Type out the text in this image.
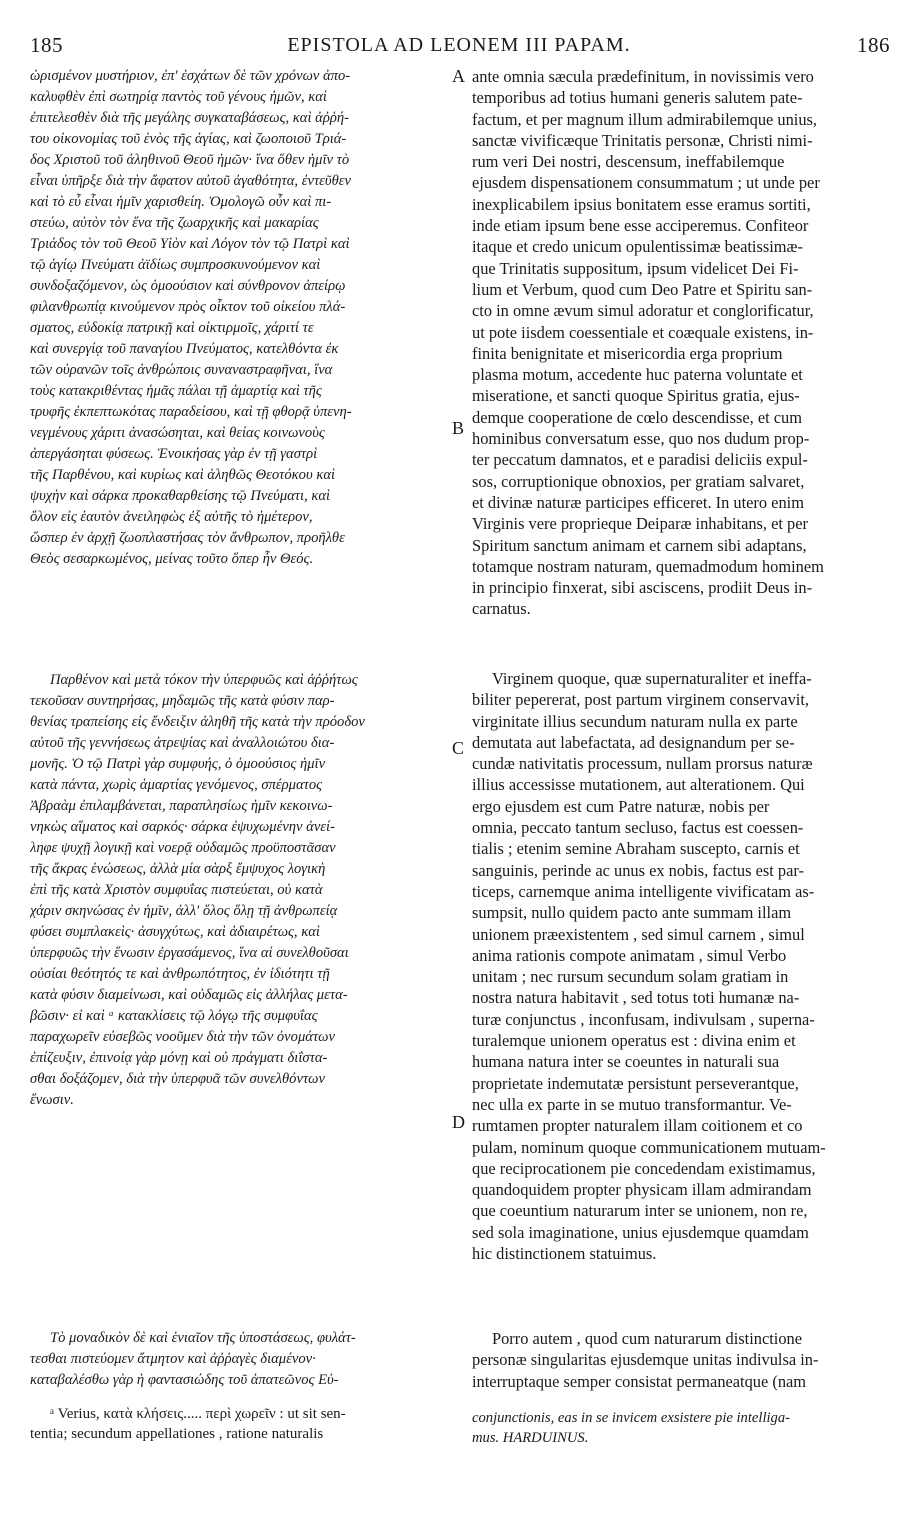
185	EPISTOLA AD LEONEM III PAPAM.	186
A
B
C
D
ὡρισμένον μυστήριον, ἐπ' ἐσχάτων δὲ τῶν χρόνων ἀπο-
καλυφθὲν ἐπὶ σωτηρίᾳ παντὸς τοῦ γένους ἡμῶν, καὶ
ἐπιτελεσθὲν διὰ τῆς μεγάλης συγκαταβάσεως, καὶ ἀῤῥή-
του οἰκονομίας τοῦ ἑνὸς τῆς ἁγίας, καὶ ζωοποιοῦ Τριά-
δος Χριστοῦ τοῦ ἀληθινοῦ Θεοῦ ἡμῶν· ἵνα ὅθεν ἡμῖν τὸ
εἶναι ὑπῆρξε διὰ τὴν ἄφατον αὐτοῦ ἀγαθότητα, ἐντεῦθεν
καὶ τὸ εὖ εἶναι ἡμῖν χαρισθείη. Ὁμολογῶ οὖν καὶ πι-
στεύω, αὐτὸν τὸν ἕνα τῆς ζωαρχικῆς καὶ μακαρίας
Τριάδος τὸν τοῦ Θεοῦ Υἱὸν καὶ Λόγον τὸν τῷ Πατρὶ καὶ
τῷ ἁγίῳ Πνεύματι ἀϊδίως συμπροσκυνούμενον καὶ
συνδοξαζόμενον, ὡς ὁμοούσιον καὶ σύνθρονον ἀπείρῳ
φιλανθρωπίᾳ κινούμενον πρὸς οἶκτον τοῦ οἰκείου πλά-
σματος, εὐδοκίᾳ πατρικῇ καὶ οἰκτιρμοῖς, χάριτί τε
καὶ συνεργίᾳ τοῦ παναγίου Πνεύματος, κατελθόντα ἐκ
τῶν οὐρανῶν τοῖς ἀνθρώποις συναναστραφῆναι, ἵνα
τοὺς κατακριθέντας ἡμᾶς πάλαι τῇ ἁμαρτίᾳ καὶ τῆς
τρυφῆς ἐκπεπτωκότας παραδείσου, καὶ τῇ φθορᾷ ὑπενη-
νεγμένους χάριτι ἀνασώσηται, καὶ θείας κοινωνοὺς
ἀπεργάσηται φύσεως. Ἐνοικήσας γὰρ ἐν τῇ γαστρὶ
τῆς Παρθένου, καὶ κυρίως καὶ ἀληθῶς Θεοτόκου καὶ
ψυχὴν καὶ σάρκα προκαθαρθείσης τῷ Πνεύματι, καὶ
ὅλον εἰς ἑαυτὸν ἀνειληφὼς ἐξ αὐτῆς τὸ ἡμέτερον,
ὥσπερ ἐν ἀρχῇ ζωοπλαστήσας τὸν ἄνθρωπον, προῆλθε
Θεὸς σεσαρκωμένος, μείνας τοῦτο ὅπερ ἦν Θεός.
Παρθένον καὶ μετὰ τόκον τὴν ὑπερφυῶς καὶ ἀῤῥήτως
τεκοῦσαν συντηρήσας, μηδαμῶς τῆς κατὰ φύσιν παρ-
θενίας τραπείσης εἰς ἔνδειξιν ἀληθῆ τῆς κατὰ τὴν πρόοδον
αὐτοῦ τῆς γεννήσεως ἀτρεψίας καὶ ἀναλλοιώτου δια-
μονῆς. Ὁ τῷ Πατρὶ γὰρ συμφυής, ὁ ὁμοούσιος ἡμῖν
κατὰ πάντα, χωρὶς ἁμαρτίας γενόμενος, σπέρματος
Ἀβραὰμ ἐπιλαμβάνεται, παραπλησίως ἡμῖν κεκοινω-
νηκὼς αἵματος καὶ σαρκός· σάρκα ἐψυχωμένην ἀνεί-
ληφε ψυχῇ λογικῇ καὶ νοερᾷ οὐδαμῶς προϋποστᾶσαν
τῆς ἄκρας ἑνώσεως, ἀλλὰ μία σὰρξ ἔμψυχος λογικὴ
ἐπὶ τῆς κατὰ Χριστὸν συμφυΐας πιστεύεται, οὐ κατὰ
χάριν σκηνώσας ἐν ἡμῖν, ἀλλ' ὅλος ὅλῃ τῇ ἀνθρωπείᾳ
φύσει συμπλακεὶς· ἀσυγχύτως, καὶ ἀδιαιρέτως, καὶ
ὑπερφυῶς τὴν ἕνωσιν ἐργασάμενος, ἵνα αἱ συνελθοῦσαι
οὐσίαι θεότητός τε καὶ ἀνθρωπότητος, ἐν ἰδιότητι τῇ
κατὰ φύσιν διαμείνωσι, καὶ οὐδαμῶς εἰς ἀλλήλας μετα-
βῶσιν· εἰ καὶ ᵃ κατακλίσεις τῷ λόγῳ τῆς συμφυΐας
παραχωρεῖν εὐσεβῶς νοοῦμεν διὰ τὴν τῶν ὀνομάτων
ἐπίζευξιν, ἐπινοίᾳ γὰρ μόνῃ καὶ οὐ πράγματι διΐστα-
σθαι δοξάζομεν, διὰ τὴν ὑπερφυᾶ τῶν συνελθόντων
ἕνωσιν.
Τὸ μοναδικὸν δὲ καὶ ἑνιαῖον τῆς ὑποστάσεως, φυλάτ-
τεσθαι πιστεύομεν ἄτμητον καὶ ἀῤῥαγὲς διαμένον·
καταβαλέσθω γὰρ ἡ φαντασιώδης τοῦ ἀπατεῶνος Εὐ-
ante omnia sæcula prædefinitum, in novissimis vero
temporibus ad totius humani generis salutem pate-
factum, et per magnum illum admirabilemque unius,
sanctæ vivificæque Trinitatis personæ, Christi nimi-
rum veri Dei nostri, descensum, ineffabilemque
ejusdem dispensationem consummatum ; ut unde per
inexplicabilem ipsius bonitatem esse eramus sortiti,
inde etiam ipsum bene esse acciperemus. Confiteor
itaque et credo unicum opulentissimæ beatissimæ-
que Trinitatis suppositum, ipsum videlicet Dei Fi-
lium et Verbum, quod cum Deo Patre et Spiritu san-
cto in omne ævum simul adoratur et conglorificatur,
ut pote iisdem coessentiale et coæquale existens, in-
finita benignitate et misericordia erga proprium
plasma motum, accedente huc paterna voluntate et
miseratione, et sancti quoque Spiritus gratia, ejus-
demque cooperatione de cœlo descendisse, et cum
hominibus conversatum esse, quo nos dudum prop-
ter peccatum damnatos, et e paradisi deliciis expul-
sos, corruptionique obnoxios, per gratiam salvaret,
et divinæ naturæ participes efficeret. In utero enim
Virginis vere proprieque Deiparæ inhabitans, et per
Spiritum sanctum animam et carnem sibi adaptans,
totamque nostram naturam, quemadmodum hominem
in principio finxerat, sibi asciscens, prodiit Deus in-
carnatus.
Virginem quoque, quæ supernaturaliter et ineffa-
biliter pepererat, post partum virginem conservavit,
virginitate illius secundum naturam nulla ex parte
demutata aut labefactata, ad designandum per se-
cundæ nativitatis processum, nullam prorsus naturæ
illius accessisse mutationem, aut alterationem. Qui
ergo ejusdem est cum Patre naturæ, nobis per
omnia, peccato tantum secluso, factus est coessen-
tialis ; etenim semine Abraham suscepto, carnis et
sanguinis, perinde ac unus ex nobis, factus est par-
ticeps, carnemque anima intelligente vivificatam as-
sumpsit, nullo quidem pacto ante summam illam
unionem præexistentem , sed simul carnem , simul
anima rationis compote animatam , simul Verbo
unitam ; nec rursum secundum solam gratiam in
nostra natura habitavit , sed totus toti humanæ na-
turæ conjunctus , inconfusam, indivulsam , superna-
turalemque unionem operatus est : divina enim et
humana natura inter se coeuntes in naturali sua
proprietate indemutatæ persistunt perseverantque,
nec ulla ex parte in se mutuo transformantur. Ve-
rumtamen propter naturalem illam coitionem et co
pulam, nominum quoque communicationem mutuam-
que reciprocationem pie concedendam existimamus,
quandoquidem propter physicam illam admirandam
que coeuntium naturarum inter se unionem, non re,
sed sola imaginatione, unius ejusdemque quamdam
hic distinctionem statuimus.
Porro autem , quod cum naturarum distinctione
personæ singularitas ejusdemque unitas indivulsa in-
interruptaque semper consistat permaneatque (nam
ᵃ Verius, κατὰ κλήσεις..... περὶ χωρεῖν : ut sit sen-
tentia; secundum appellationes , ratione naturalis
conjunctionis, eas in se invicem exsistere pie intelliga-
mus. HARDUINUS.
